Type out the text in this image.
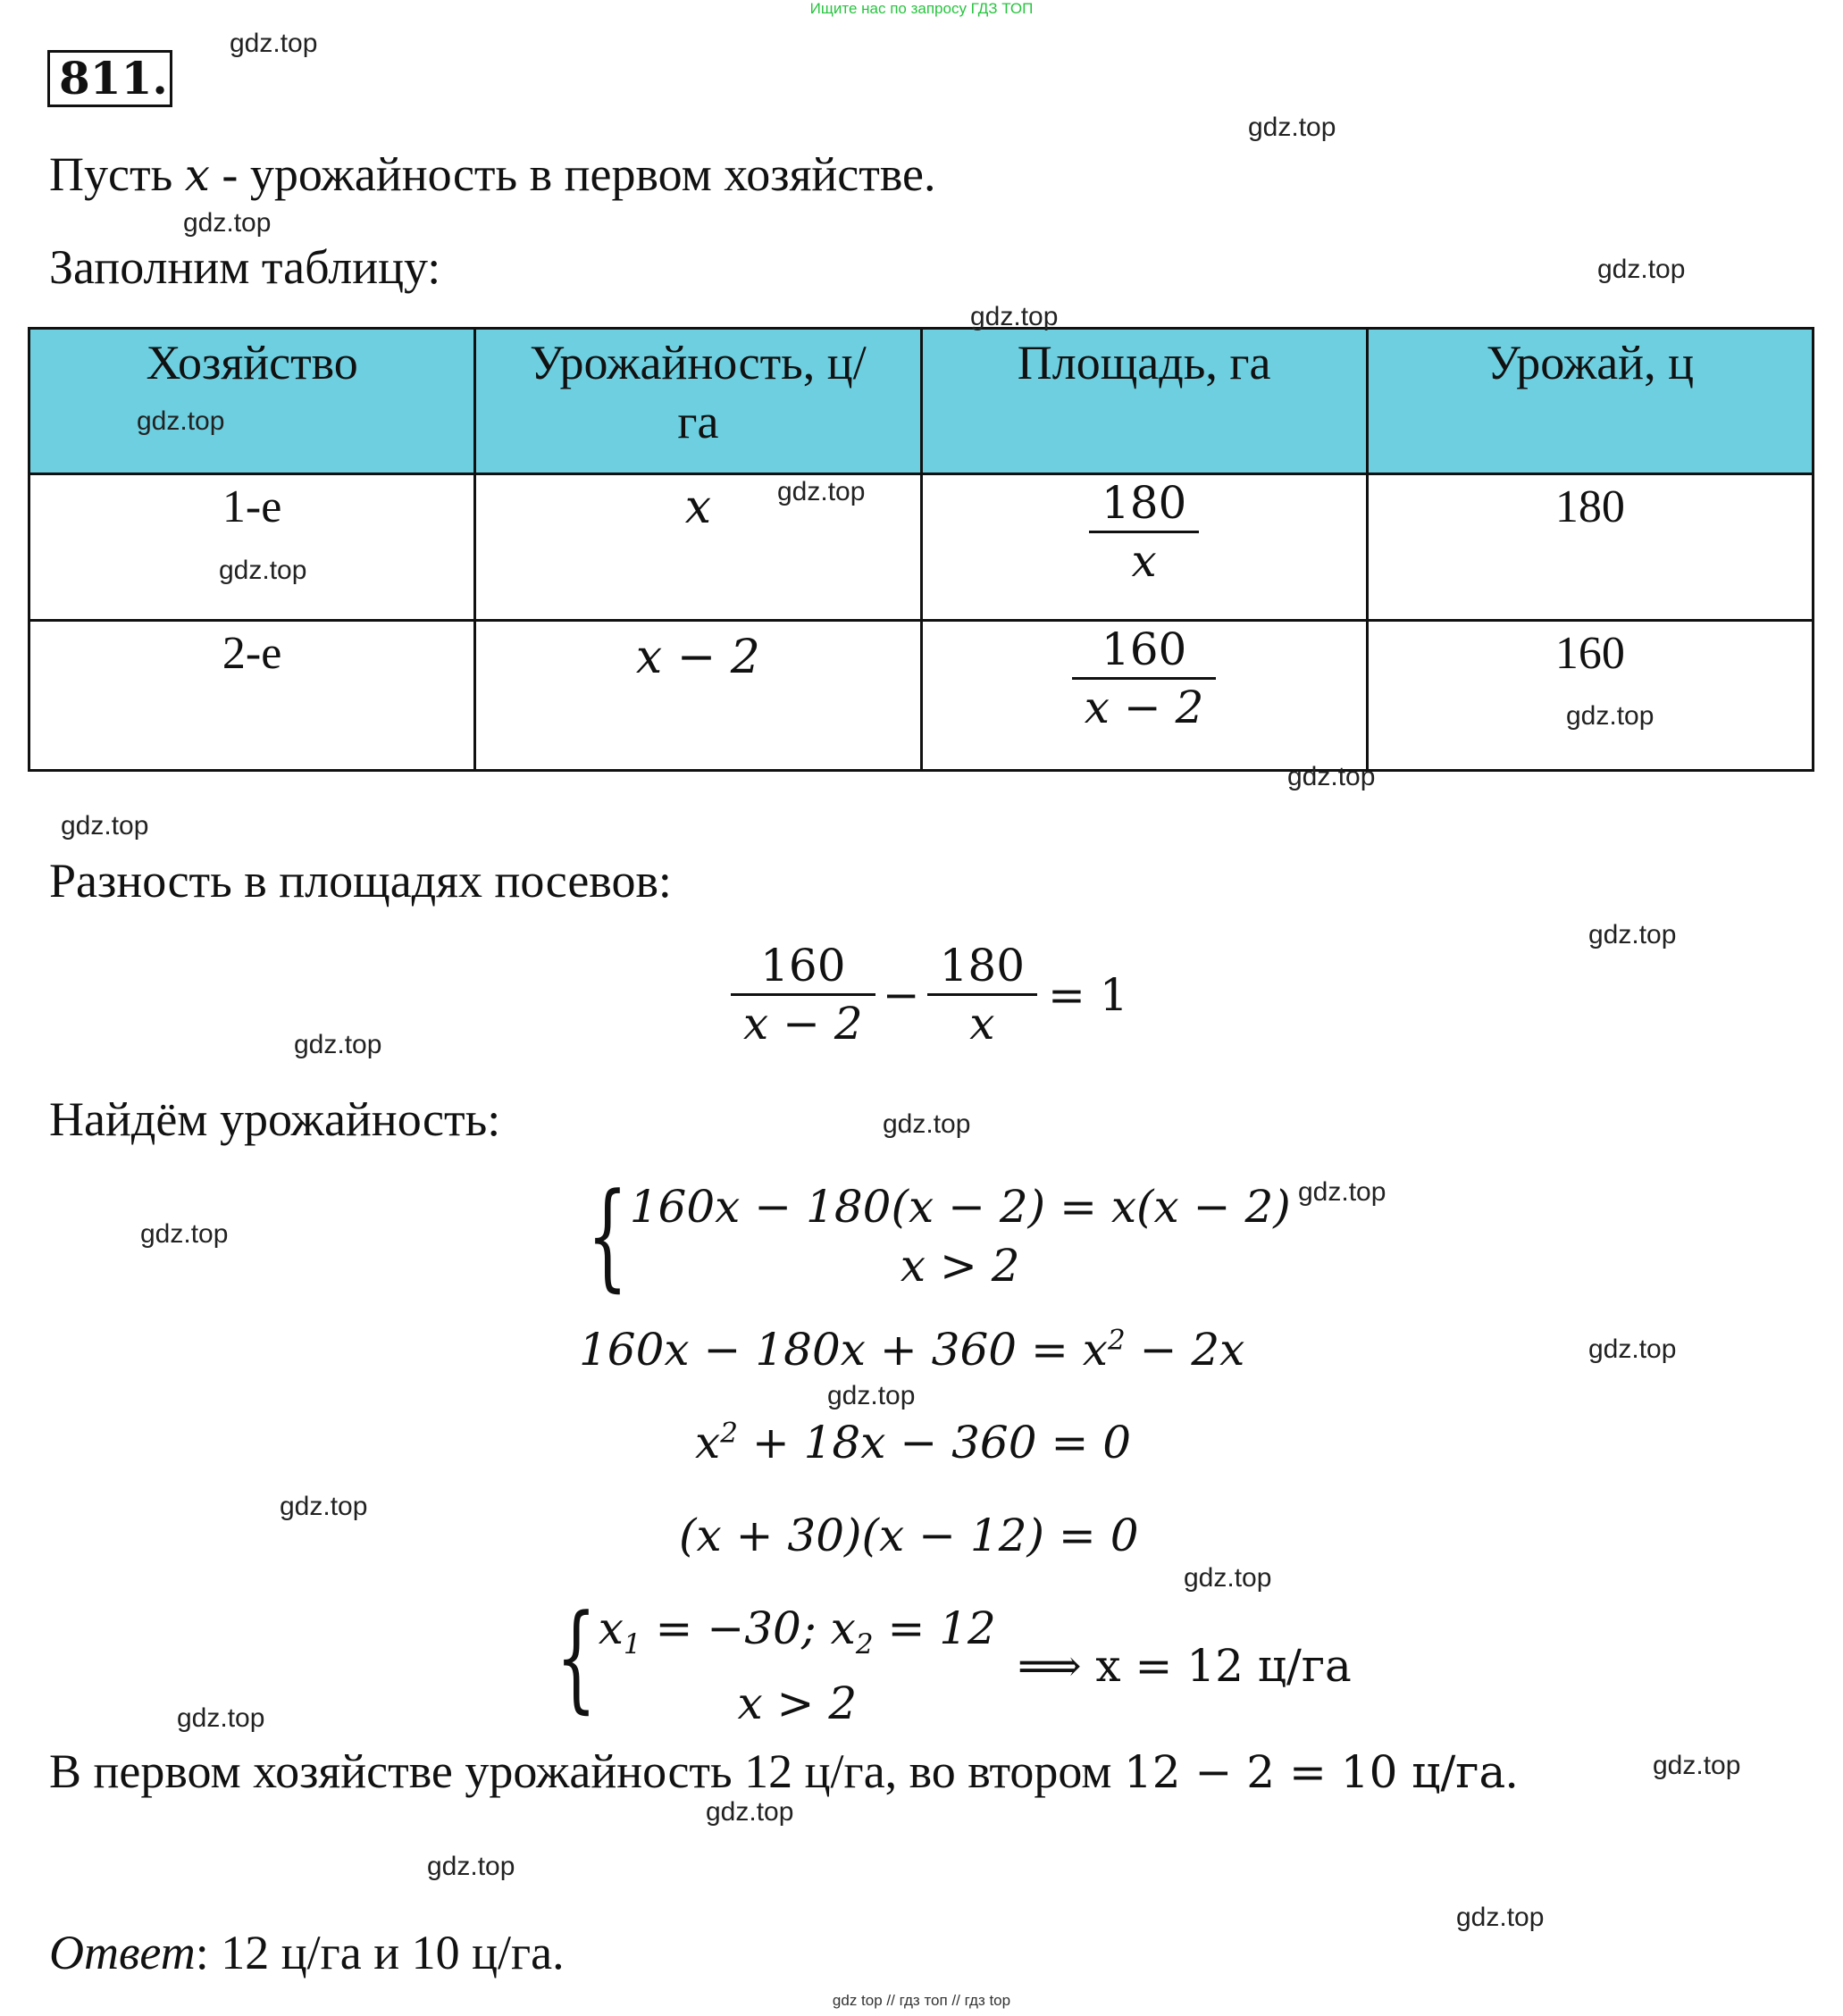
Ищите нас по запросу ГДЗ ТОП
811.
Пусть x - урожайность в первом хозяйстве.
Заполним таблицу:
Хозяйство	Урожайность, ц/га	Площадь, га	Урожай, ц
1-е	x	$\frac{180}{x}$	180
2-е	x − 2	$\frac{160}{x - 2}$	160
Разность в площадях посевов:
$\frac{160}{x - 2} - \frac{180}{x} = 1$
Найдём урожайность:
{ 160x − 180(x − 2) = x(x − 2)
x > 2
$160x - 180x + 360 = x^2 - 2x$
$x^2 + 18x - 360 = 0$
(x + 30)(x − 12) = 0
{ $x_1 = -30$; $x_2 = 12$
x > 2
⟹ x = 12 ц/га
В первом хозяйстве урожайность 12 ц/га, во втором 12 − 2 = 10 ц/га.
Ответ: 12 ц/га и 10 ц/га.
gdz.top
gdz.top
gdz.top
gdz.top
gdz.top
gdz.top
gdz.top
gdz.top
gdz.top
gdz.top
gdz.top
gdz.top
gdz.top
gdz.top
gdz.top
gdz.top
gdz.top
gdz.top
gdz.top
gdz.top
gdz.top
gdz.top
gdz.top
gdz.top
gdz.top
gdz top // гдз топ // гдз top
